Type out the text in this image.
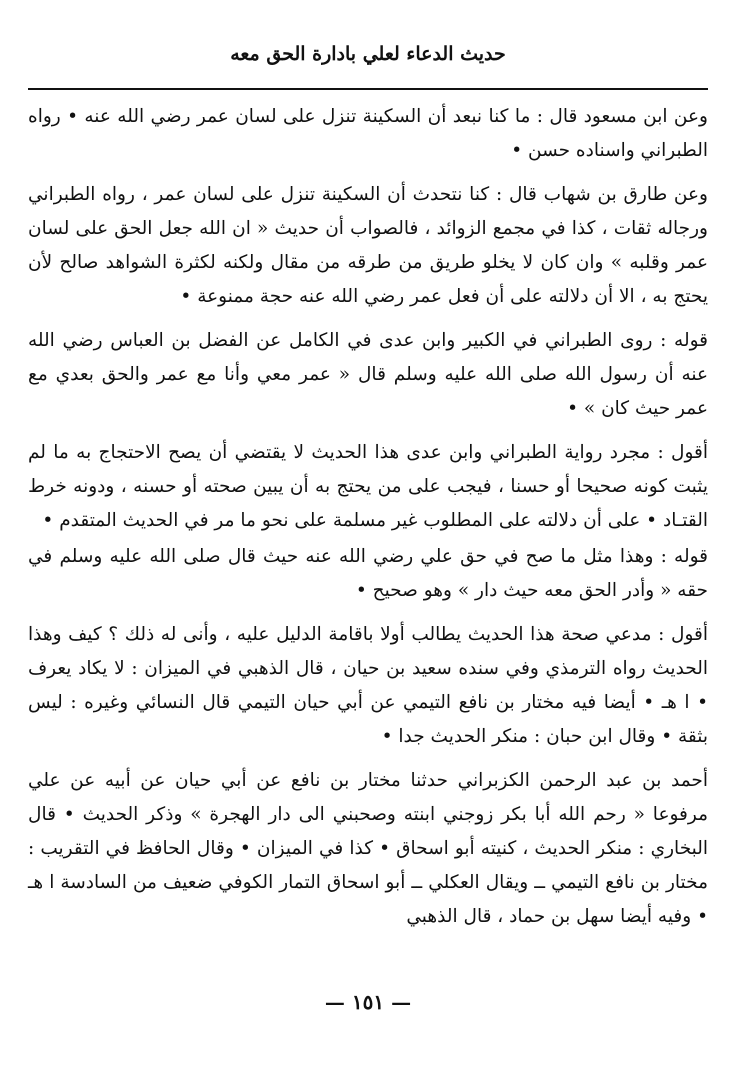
حديث الدعاء لعلي بادارة الحق معه

وعن ابن مسعود قال : ما كنا نبعد أن السكينة تنزل على لسان عمر رضي الله عنه • رواه الطبراني واسناده حسن •

وعن طارق بن شهاب قال : كنا نتحدث أن السكينة تنزل على لسان عمر ، رواه الطبراني ورجاله ثقات ، كذا في مجمع الزوائد ، فالصواب أن حديث « ان الله جعل الحق على لسان عمر وقلبه » وان كان لا يخلو طريق من طرقه من مقال ولكنه لكثرة الشواهد صالح لأن يحتج به ، الا أن دلالته على أن فعل عمر رضي الله عنه حجة ممنوعة •

قوله : روى الطبراني في الكبير وابن عدى في الكامل عن الفضل بن العباس رضي الله عنه أن رسول الله صلى الله عليه وسلم قال « عمر معي وأنا مع عمر والحق بعدي مع عمر حيث كان » •

أقول : مجرد رواية الطبراني وابن عدى هذا الحديث لا يقتضي أن يصح الاحتجاج به ما لم يثبت كونه صحيحا أو حسنا ، فيجب على من يحتج به أن يبين صحته أو حسنه ، ودونه خرط القتـاد • على أن دلالته على المطلوب غير مسلمة على نحو ما مر في الحديث المتقدم •

قوله : وهذا مثل ما صح في حق علي رضي الله عنه حيث قال صلى الله عليه وسلم في حقه « وأدر الحق معه حيث دار » وهو صحيح •

أقول : مدعي صحة هذا الحديث يطالب أولا باقامة الدليل عليه ، وأنى له ذلك ؟ كيف وهذا الحديث رواه الترمذي وفي سنده سعيد بن حيان ، قال الذهبي في الميزان : لا يكاد يعرف • ا هـ • أيضا فيه مختار بن نافع التيمي عن أبي حيان التيمي قال النسائي وغيره : ليس بثقة • وقال ابن حبان : منكر الحديث جدا •

أحمد بن عبد الرحمن الكزبراني حدثنا مختار بن نافع عن أبي حيان عن أبيه عن علي مرفوعا « رحم الله أبا بكر زوجني ابنته وصحبني الى دار الهجرة » وذكر الحديث • قال البخاري : منكر الحديث ، كنيته أبو اسحاق • كذا في الميزان • وقال الحافظ في التقريب : مختار بن نافع التيمي ــ ويقال العكلي ــ أبو اسحاق التمار الكوفي ضعيف من السادسة ا هـ • وفيه أيضا سهل بن حماد ، قال الذهبي

— ١٥١ —
